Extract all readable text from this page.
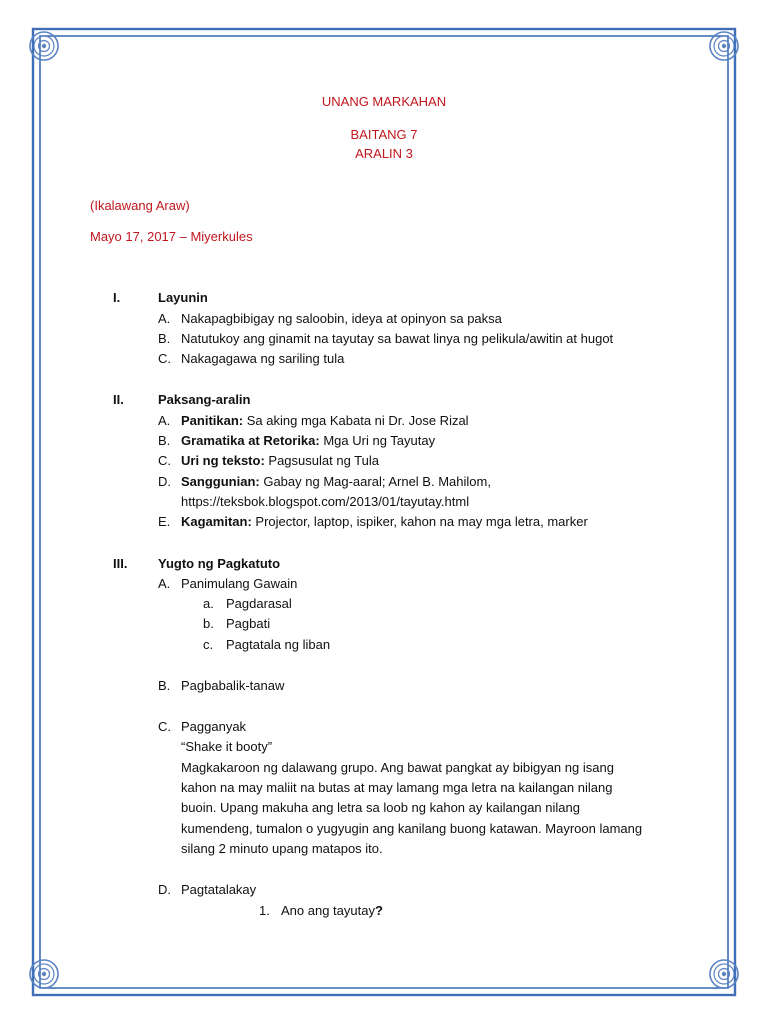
UNANG MARKAHAN
BAITANG 7
ARALIN 3
(Ikalawang Araw)
Mayo 17, 2017 – Miyerkules
I.	Layunin
A. Nakapagbibigay ng saloobin, ideya at opinyon sa paksa
B. Natutukoy ang ginamit na tayutay sa bawat linya ng pelikula/awitin at hugot
C. Nakagagawa ng sariling tula
II.	Paksang-aralin
A. Panitikan: Sa aking mga Kabata ni Dr. Jose Rizal
B. Gramatika at Retorika: Mga Uri ng Tayutay
C. Uri ng teksto: Pagsusulat ng Tula
D. Sanggunian: Gabay ng Mag-aaral; Arnel B. Mahilom,
https://teksbok.blogspot.com/2013/01/tayutay.html
E. Kagamitan: Projector, laptop, ispiker, kahon na may mga letra, marker
III. Yugto ng Pagkatuto
A. Panimulang Gawain
a. Pagdarasal
b. Pagbati
c. Pagtatala ng liban
B. Pagbabalik-tanaw
C. Pagganyak
“Shake it booty”
Magkakaroon ng dalawang grupo. Ang bawat pangkat ay bibigyan ng isang
kahon na may maliit na butas at may lamang mga letra na kailangan nilang
buoin. Upang makuha ang letra sa loob ng kahon ay kailangan nilang
kumendeng, tumalon o yugyugin ang kanilang buong katawan. Mayroon lamang
silang 2 minuto upang matapos ito.
D. Pagtatalakay
1. Ano ang tayutay?
